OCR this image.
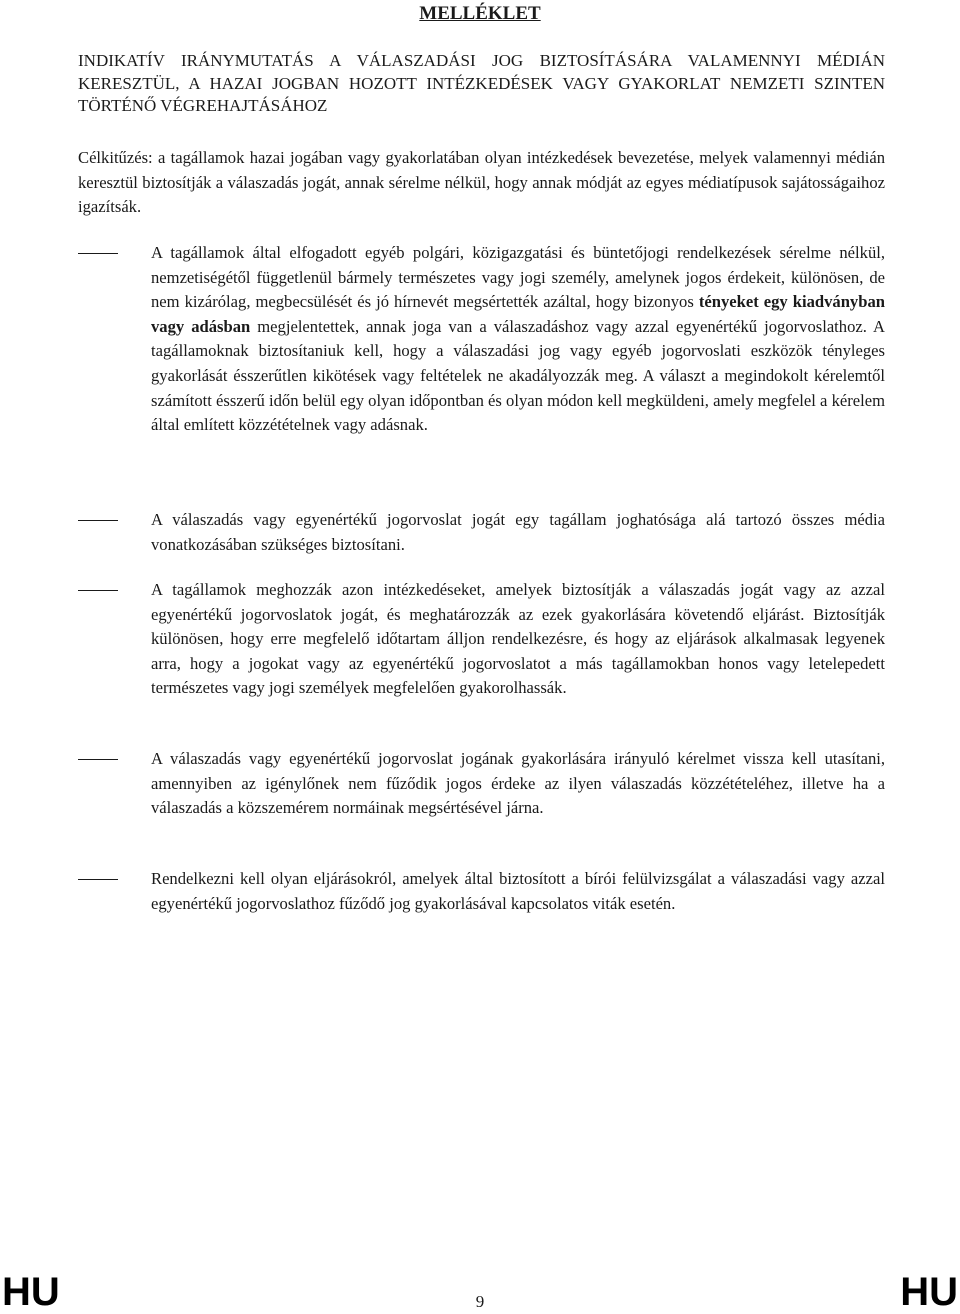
MELLÉKLET

INDIKATÍV IRÁNYMUTATÁS A VÁLASZADÁSI JOG BIZTOSÍTÁSÁRA VALAMENNYI MÉDIÁN KERESZTÜL, A HAZAI JOGBAN HOZOTT INTÉZKEDÉSEK VAGY GYAKORLAT NEMZETI SZINTEN TÖRTÉNŐ VÉGREHAJTÁSÁHOZ

Célkitűzés: a tagállamok hazai jogában vagy gyakorlatában olyan intézkedések bevezetése, melyek valamennyi médián keresztül biztosítják a válaszadás jogát, annak sérelme nélkül, hogy annak módját az egyes médiatípusok sajátosságaihoz igazítsák.

A tagállamok által elfogadott egyéb polgári, közigazgatási és büntetőjogi rendelkezések sérelme nélkül, nemzetiségétől függetlenül bármely természetes vagy jogi személy, amelynek jogos érdekeit, különösen, de nem kizárólag, megbecsülését és jó hírnevét megsértették azáltal, hogy bizonyos tényeket egy kiadványban vagy adásban megjelentettek, annak joga van a válaszadáshoz vagy azzal egyenértékű jogorvoslathoz. A tagállamoknak biztosítaniuk kell, hogy a válaszadási jog vagy egyéb jogorvoslati eszközök tényleges gyakorlását ésszerűtlen kikötések vagy feltételek ne akadályozzák meg. A választ a megindokolt kérelemtől számított ésszerű időn belül egy olyan időpontban és olyan módon kell megküldeni, amely megfelel a kérelem által említett közzétételnek vagy adásnak.

A válaszadás vagy egyenértékű jogorvoslat jogát egy tagállam joghatósága alá tartozó összes média vonatkozásában szükséges biztosítani.

A tagállamok meghozzák azon intézkedéseket, amelyek biztosítják a válaszadás jogát vagy az azzal egyenértékű jogorvoslatok jogát, és meghatározzák az ezek gyakorlására követendő eljárást. Biztosítják különösen, hogy erre megfelelő időtartam álljon rendelkezésre, és hogy az eljárások alkalmasak legyenek arra, hogy a jogokat vagy az egyenértékű jogorvoslatot a más tagállamokban honos vagy letelepedett természetes vagy jogi személyek megfelelően gyakorolhassák.

A válaszadás vagy egyenértékű jogorvoslat jogának gyakorlására irányuló kérelmet vissza kell utasítani, amennyiben az igénylőnek nem fűződik jogos érdeke az ilyen válaszadás közzétételéhez, illetve ha a válaszadás a közszemérem normáinak megsértésével járna.

Rendelkezni kell olyan eljárásokról, amelyek által biztosított a bírói felülvizsgálat a válaszadási vagy azzal egyenértékű jogorvoslathoz fűződő jog gyakorlásával kapcsolatos viták esetén.

HU	9	HU
